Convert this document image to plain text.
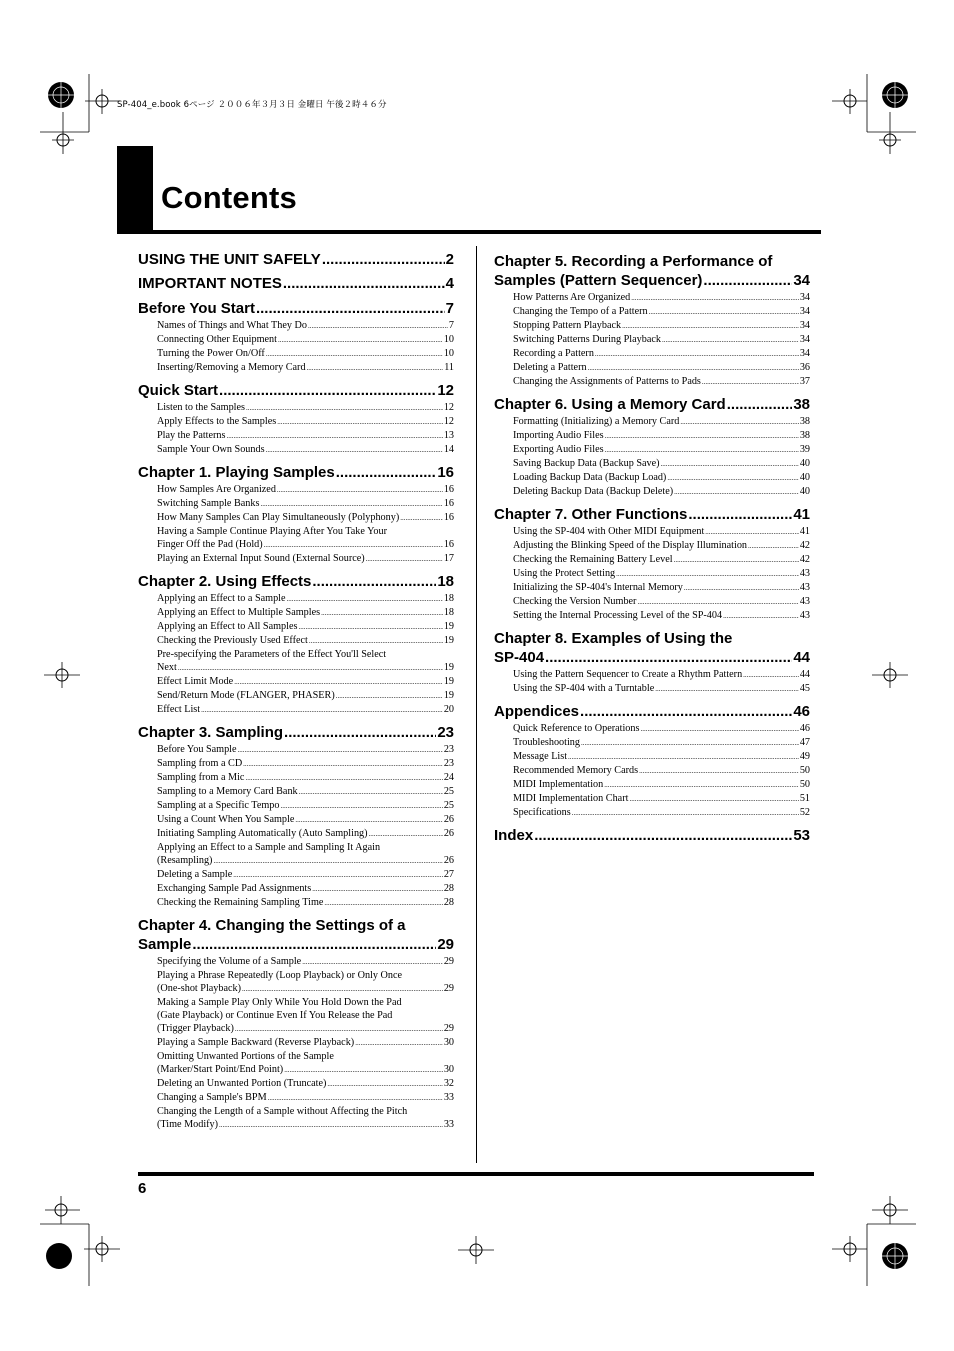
SP-404_e.book 6ページ ２００６年３月３日 金曜日 午後２時４６分
Contents
USING THE UNIT SAFELY .....	2
IMPORTANT NOTES .....	4
Before You Start .....	7
Names of Things and What They Do .....	7
Connecting Other Equipment .....	10
Turning the Power On/Off .....	10
Inserting/Removing a Memory Card .....	11
Quick Start .....	12
Listen to the Samples .....	12
Apply Effects to the Samples .....	12
Play the Patterns .....	13
Sample Your Own Sounds .....	14
Chapter 1. Playing Samples .....	16
How Samples Are Organized .....	16
Switching Sample Banks .....	16
How Many Samples Can Play Simultaneously (Polyphony) .....	16
Having a Sample Continue Playing After You Take Your
Finger Off the Pad (Hold) .....	16
Playing an External Input Sound (External Source) .....	17
Chapter 2. Using Effects .....	18
Applying an Effect to a Sample .....	18
Applying an Effect to Multiple Samples .....	18
Applying an Effect to All Samples .....	19
Checking the Previously Used Effect .....	19
Pre-specifying the Parameters of the Effect You'll Select
Next .....	19
Effect Limit Mode .....	19
Send/Return Mode (FLANGER, PHASER) .....	19
Effect List .....	20
Chapter 3. Sampling .....	23
Before You Sample .....	23
Sampling from a CD .....	23
Sampling from a Mic .....	24
Sampling to a Memory Card Bank .....	25
Sampling at a Specific Tempo .....	25
Using a Count When You Sample .....	26
Initiating Sampling Automatically (Auto Sampling) .....	26
Applying an Effect to a Sample and Sampling It Again
(Resampling) .....	26
Deleting a Sample .....	27
Exchanging Sample Pad Assignments .....	28
Checking the Remaining Sampling Time .....	28
Chapter 4. Changing the Settings of a
Sample .....	29
Specifying the Volume of a Sample .....	29
Playing a Phrase Repeatedly (Loop Playback) or Only Once
(One-shot Playback) .....	29
Making a Sample Play Only While You Hold Down the Pad
(Gate Playback) or Continue Even If You Release the Pad
(Trigger Playback) .....	29
Playing a Sample Backward (Reverse Playback) .....	30
Omitting Unwanted Portions of the Sample
(Marker/Start Point/End Point) .....	30
Deleting an Unwanted Portion (Truncate) .....	32
Changing a Sample's BPM .....	33
Changing the Length of a Sample without Affecting the Pitch
(Time Modify) .....	33
Chapter 5. Recording a Performance of
Samples (Pattern Sequencer) .....	34
How Patterns Are Organized .....	34
Changing the Tempo of a Pattern .....	34
Stopping Pattern Playback .....	34
Switching Patterns During Playback .....	34
Recording a Pattern .....	34
Deleting a Pattern .....	36
Changing the Assignments of Patterns to Pads .....	37
Chapter 6. Using a Memory Card .....	38
Formatting (Initializing) a Memory Card .....	38
Importing Audio Files .....	38
Exporting Audio Files .....	39
Saving Backup Data (Backup Save) .....	40
Loading Backup Data (Backup Load) .....	40
Deleting Backup Data (Backup Delete) .....	40
Chapter 7. Other Functions .....	41
Using the SP-404 with Other MIDI Equipment .....	41
Adjusting the Blinking Speed of the Display Illumination .....	42
Checking the Remaining Battery Level .....	42
Using the Protect Setting .....	43
Initializing the SP-404's Internal Memory .....	43
Checking the Version Number .....	43
Setting the Internal Processing Level of the SP-404 .....	43
Chapter 8. Examples of Using the
SP-404 .....	44
Using the Pattern Sequencer to Create a Rhythm Pattern .....	44
Using the SP-404 with a Turntable .....	45
Appendices .....	46
Quick Reference to Operations .....	46
Troubleshooting .....	47
Message List .....	49
Recommended Memory Cards .....	50
MIDI Implementation .....	50
MIDI Implementation Chart .....	51
Specifications .....	52
Index .....	53
6
